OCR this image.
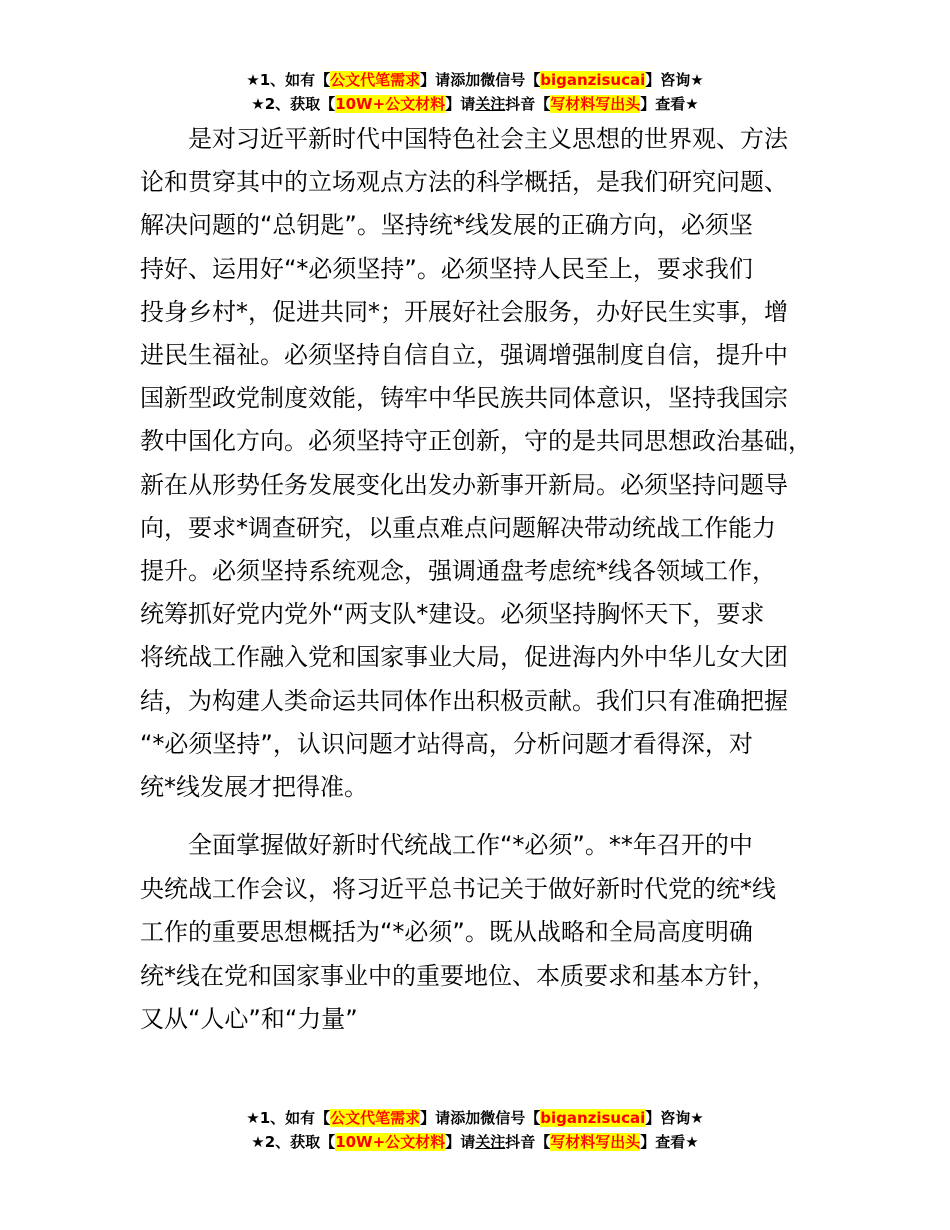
★1、如有【公文代笔需求】请添加微信号【biganzisucai】咨询★
★2、获取【10W+公文材料】请关注抖音【写材料写出头】查看★
是对习近平新时代中国特色社会主义思想的世界观、方法
论和贯穿其中的立场观点方法的科学概括，是我们研究问题、
解决问题的“总钥匙”。坚持统*线发展的正确方向，必须坚
持好、运用好“*必须坚持”。必须坚持人民至上，要求我们
投身乡村*，促进共同*；开展好社会服务，办好民生实事，增
进民生福祉。必须坚持自信自立，强调增强制度自信，提升中
国新型政党制度效能，铸牢中华民族共同体意识，坚持我国宗
教中国化方向。必须坚持守正创新，守的是共同思想政治基础，
新在从形势任务发展变化出发办新事开新局。必须坚持问题导
向，要求*调查研究，以重点难点问题解决带动统战工作能力
提升。必须坚持系统观念，强调通盘考虑统*线各领域工作，
统筹抓好党内党外“两支队*建设。必须坚持胸怀天下，要求
将统战工作融入党和国家事业大局，促进海内外中华儿女大团
结，为构建人类命运共同体作出积极贡献。我们只有准确把握
“*必须坚持”，认识问题才站得高，分析问题才看得深，对
统*线发展才把得准。
全面掌握做好新时代统战工作“*必须”。**年召开的中
央统战工作会议，将习近平总书记关于做好新时代党的统*线
工作的重要思想概括为“*必须”。既从战略和全局高度明确
统*线在党和国家事业中的重要地位、本质要求和基本方针，
又从“人心”和“力量”
★1、如有【公文代笔需求】请添加微信号【biganzisucai】咨询★
★2、获取【10W+公文材料】请关注抖音【写材料写出头】查看★
